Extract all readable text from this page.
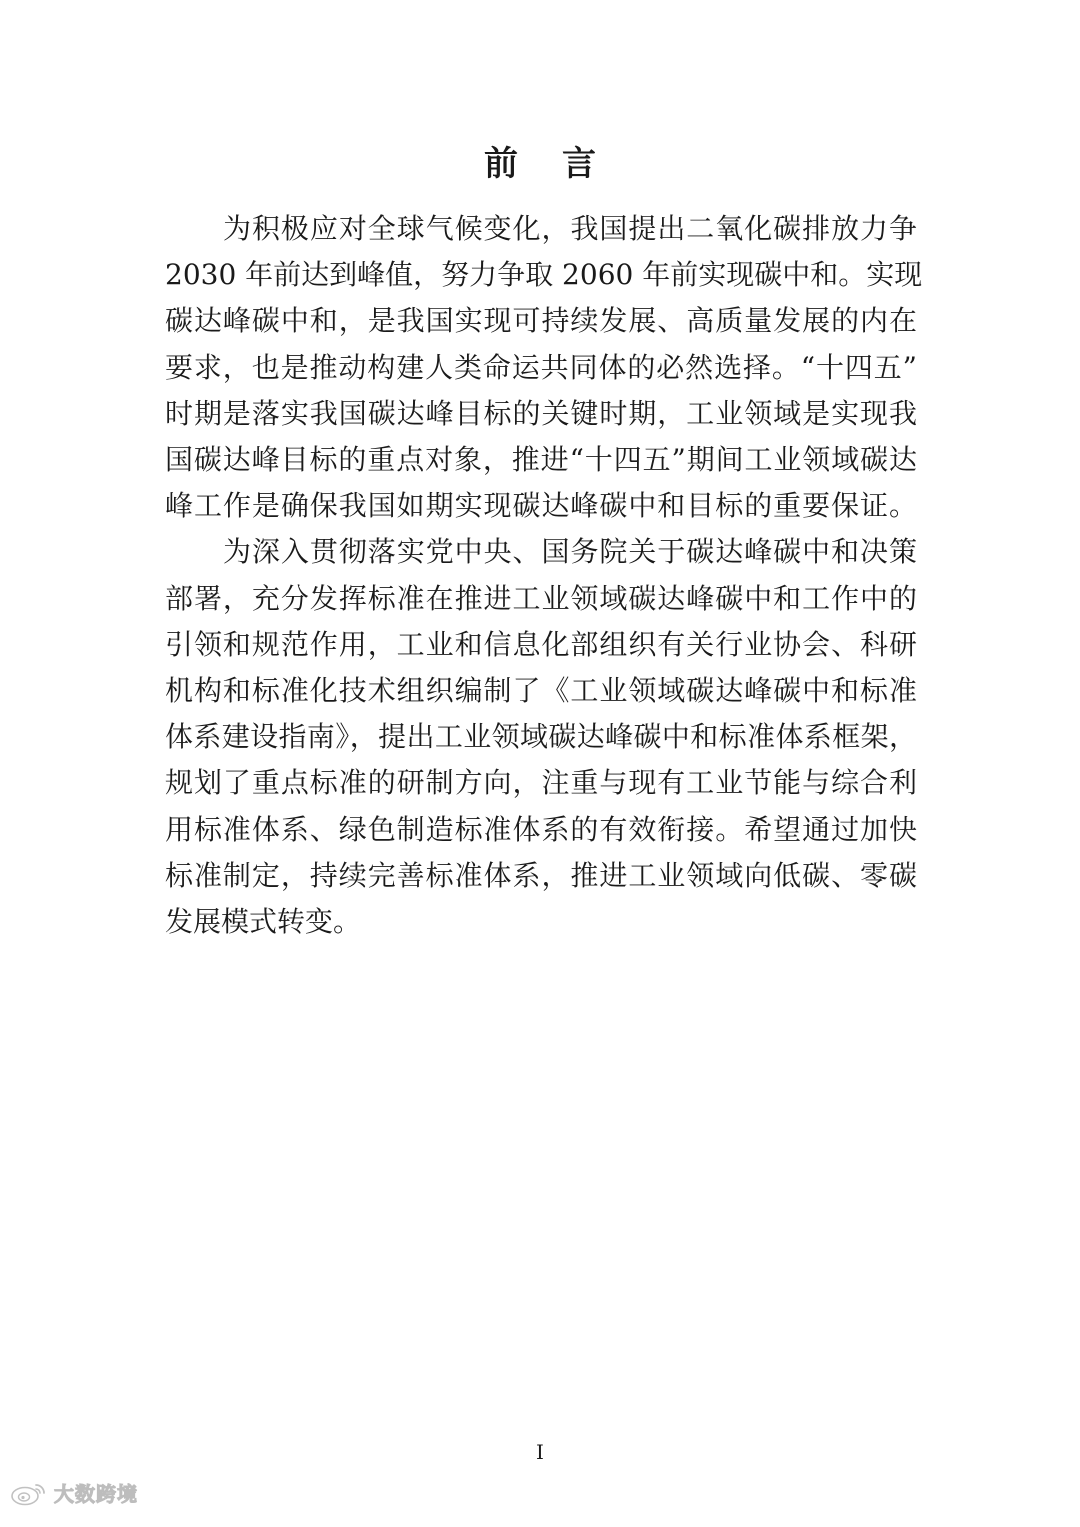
前言

为积极应对全球气候变化，我国提出二氧化碳排放力争
2030 年前达到峰值，努力争取 2060 年前实现碳中和。实现
碳达峰碳中和，是我国实现可持续发展、高质量发展的内在
要求，也是推动构建人类命运共同体的必然选择。“十四五”
时期是落实我国碳达峰目标的关键时期，工业领域是实现我
国碳达峰目标的重点对象，推进“十四五”期间工业领域碳达
峰工作是确保我国如期实现碳达峰碳中和目标的重要保证。

为深入贯彻落实党中央、国务院关于碳达峰碳中和决策
部署，充分发挥标准在推进工业领域碳达峰碳中和工作中的
引领和规范作用，工业和信息化部组织有关行业协会、科研
机构和标准化技术组织编制了《工业领域碳达峰碳中和标准
体系建设指南》，提出工业领域碳达峰碳中和标准体系框架，
规划了重点标准的研制方向，注重与现有工业节能与综合利
用标准体系、绿色制造标准体系的有效衔接。希望通过加快
标准制定，持续完善标准体系，推进工业领域向低碳、零碳
发展模式转变。

I
大数跨境
